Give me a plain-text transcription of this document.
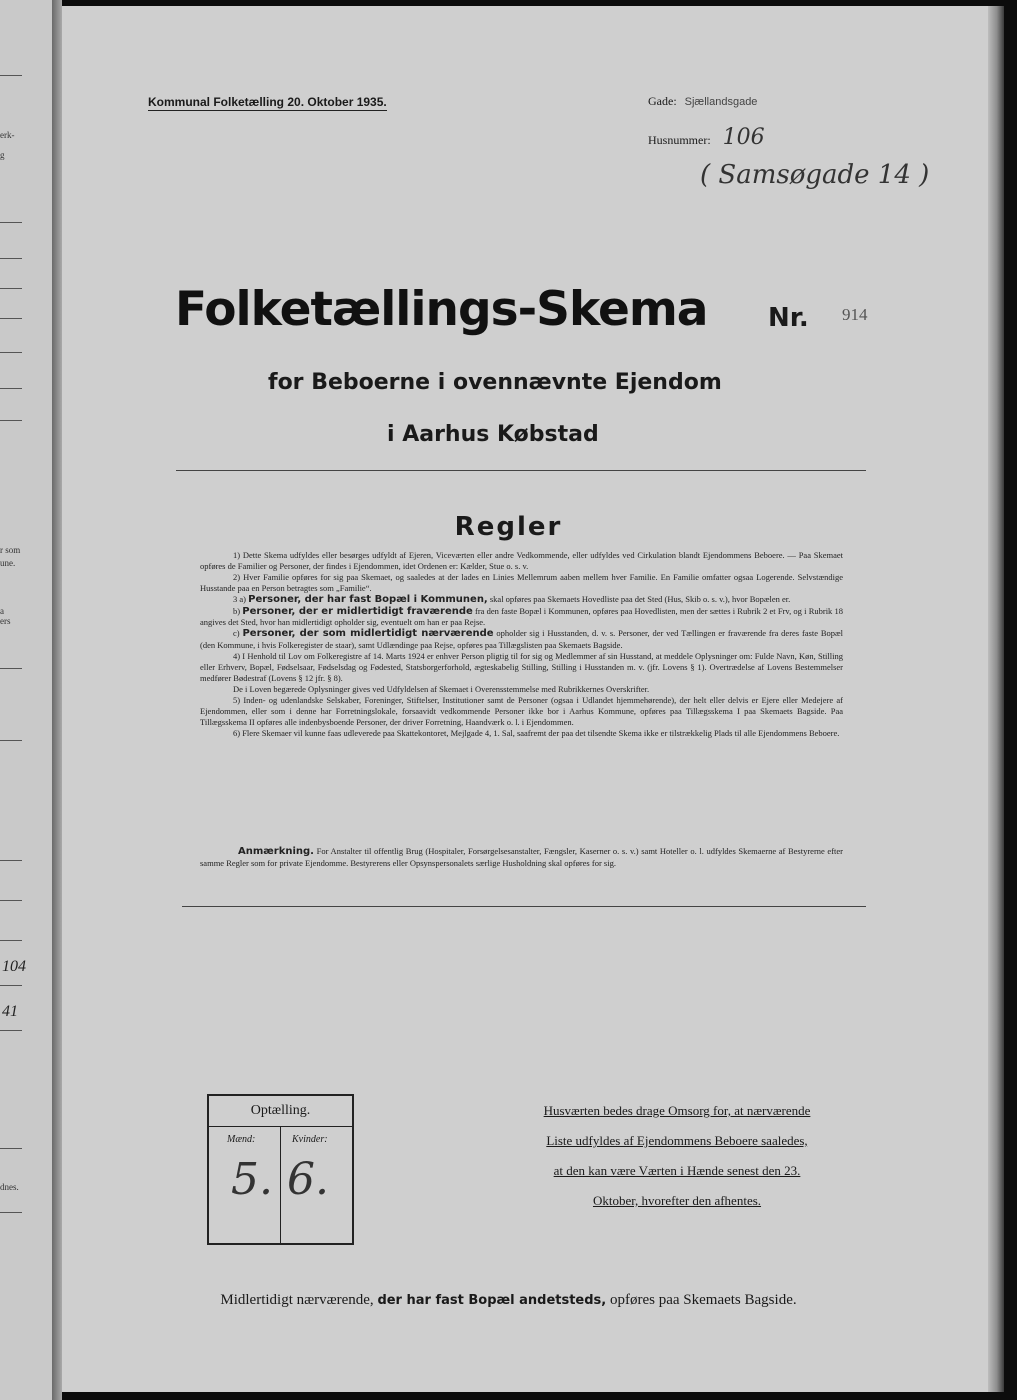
erk-
g
r som
une.
a
ers
104
41
dnes.
Kommunal Folketælling 20. Oktober 1935.	Gade: Sjællandsgade
Husnummer: 106
( Samsøgade 14 )
Folketællings-Skema Nr. 914
for Beboerne i ovennævnte Ejendom
i Aarhus Købstad
Regler

1) Dette Skema udfyldes eller besørges udfyldt af Ejeren, Viceværten eller andre Vedkommende, eller udfyldes ved Cirkulation blandt Ejendommens Beboere. — Paa Skemaet opføres de Familier og Personer, der findes i Ejendommen, idet Ordenen er: Kælder, Stue o. s. v.

2) Hver Familie opføres for sig paa Skemaet, og saaledes at der lades en Linies Mellemrum aaben mellem hver Familie. En Familie omfatter ogsaa Logerende. Selvstændige Husstande paa en Person betragtes som „Familie“.

3 a) Personer, der har fast Bopæl i Kommunen, skal opføres paa Skemaets Hovedliste paa det Sted (Hus, Skib o. s. v.), hvor Bopælen er.

b) Personer, der er midlertidigt fraværende fra den faste Bopæl i Kommunen, opføres paa Hovedlisten, men der sættes i Rubrik 2 et Frv, og i Rubrik 18 angives det Sted, hvor han midlertidigt opholder sig, eventuelt om han er paa Rejse.

c) Personer, der som midlertidigt nærværende opholder sig i Husstanden, d. v. s. Personer, der ved Tællingen er fraværende fra deres faste Bopæl (den Kommune, i hvis Folkeregister de staar), samt Udlændinge paa Rejse, opføres paa Tillægslisten paa Skemaets Bagside.

4) I Henhold til Lov om Folkeregistre af 14. Marts 1924 er enhver Person pligtig til for sig og Medlemmer af sin Husstand, at meddele Oplysninger om: Fulde Navn, Køn, Stilling eller Erhverv, Bopæl, Fødselsaar, Fødselsdag og Fødested, Statsborgerforhold, ægteskabelig Stilling, Stilling i Husstanden m. v. (jfr. Lovens § 1). Overtrædelse af Lovens Bestemmelser medfører Bødestraf (Lovens § 12 jfr. § 8).

De i Loven begærede Oplysninger gives ved Udfyldelsen af Skemaet i Overensstemmelse med Rubrikkernes Overskrifter.

5) Inden- og udenlandske Selskaber, Foreninger, Stiftelser, Institutioner samt de Personer (ogsaa i Udlandet hjemmehørende), der helt eller delvis er Ejere eller Medejere af Ejendommen, eller som i denne har Forretningslokale, forsaavidt vedkommende Personer ikke bor i Aarhus Kommune, opføres paa Tillægsskema I paa Skemaets Bagside. Paa Tillægsskema II opføres alle indenbysboende Personer, der driver Forretning, Haandværk o. l. i Ejendommen.

6) Flere Skemaer vil kunne faas udleverede paa Skattekontoret, Mejlgade 4, 1. Sal, saafremt der paa det tilsendte Skema ikke er tilstrækkelig Plads til alle Ejendommens Beboere.

Anmærkning. For Anstalter til offentlig Brug (Hospitaler, Forsørgelsesanstalter, Fængsler, Kaserner o. s. v.) samt Hoteller o. l. udfyldes Skemaerne af Bestyrerne efter samme Regler som for private Ejendomme. Bestyrerens eller Opsynspersonalets særlige Husholdning skal opføres for sig.

Optælling.
Mænd:	Kvinder:
5. 6.
Husværten bedes drage Omsorg for, at nærværende
Liste udfyldes af Ejendommens Beboere saaledes,
at den kan være Værten i Hænde senest den 23.
Oktober, hvorefter den afhentes.
Midlertidigt nærværende, der har fast Bopæl andetsteds, opføres paa Skemaets Bagside.
